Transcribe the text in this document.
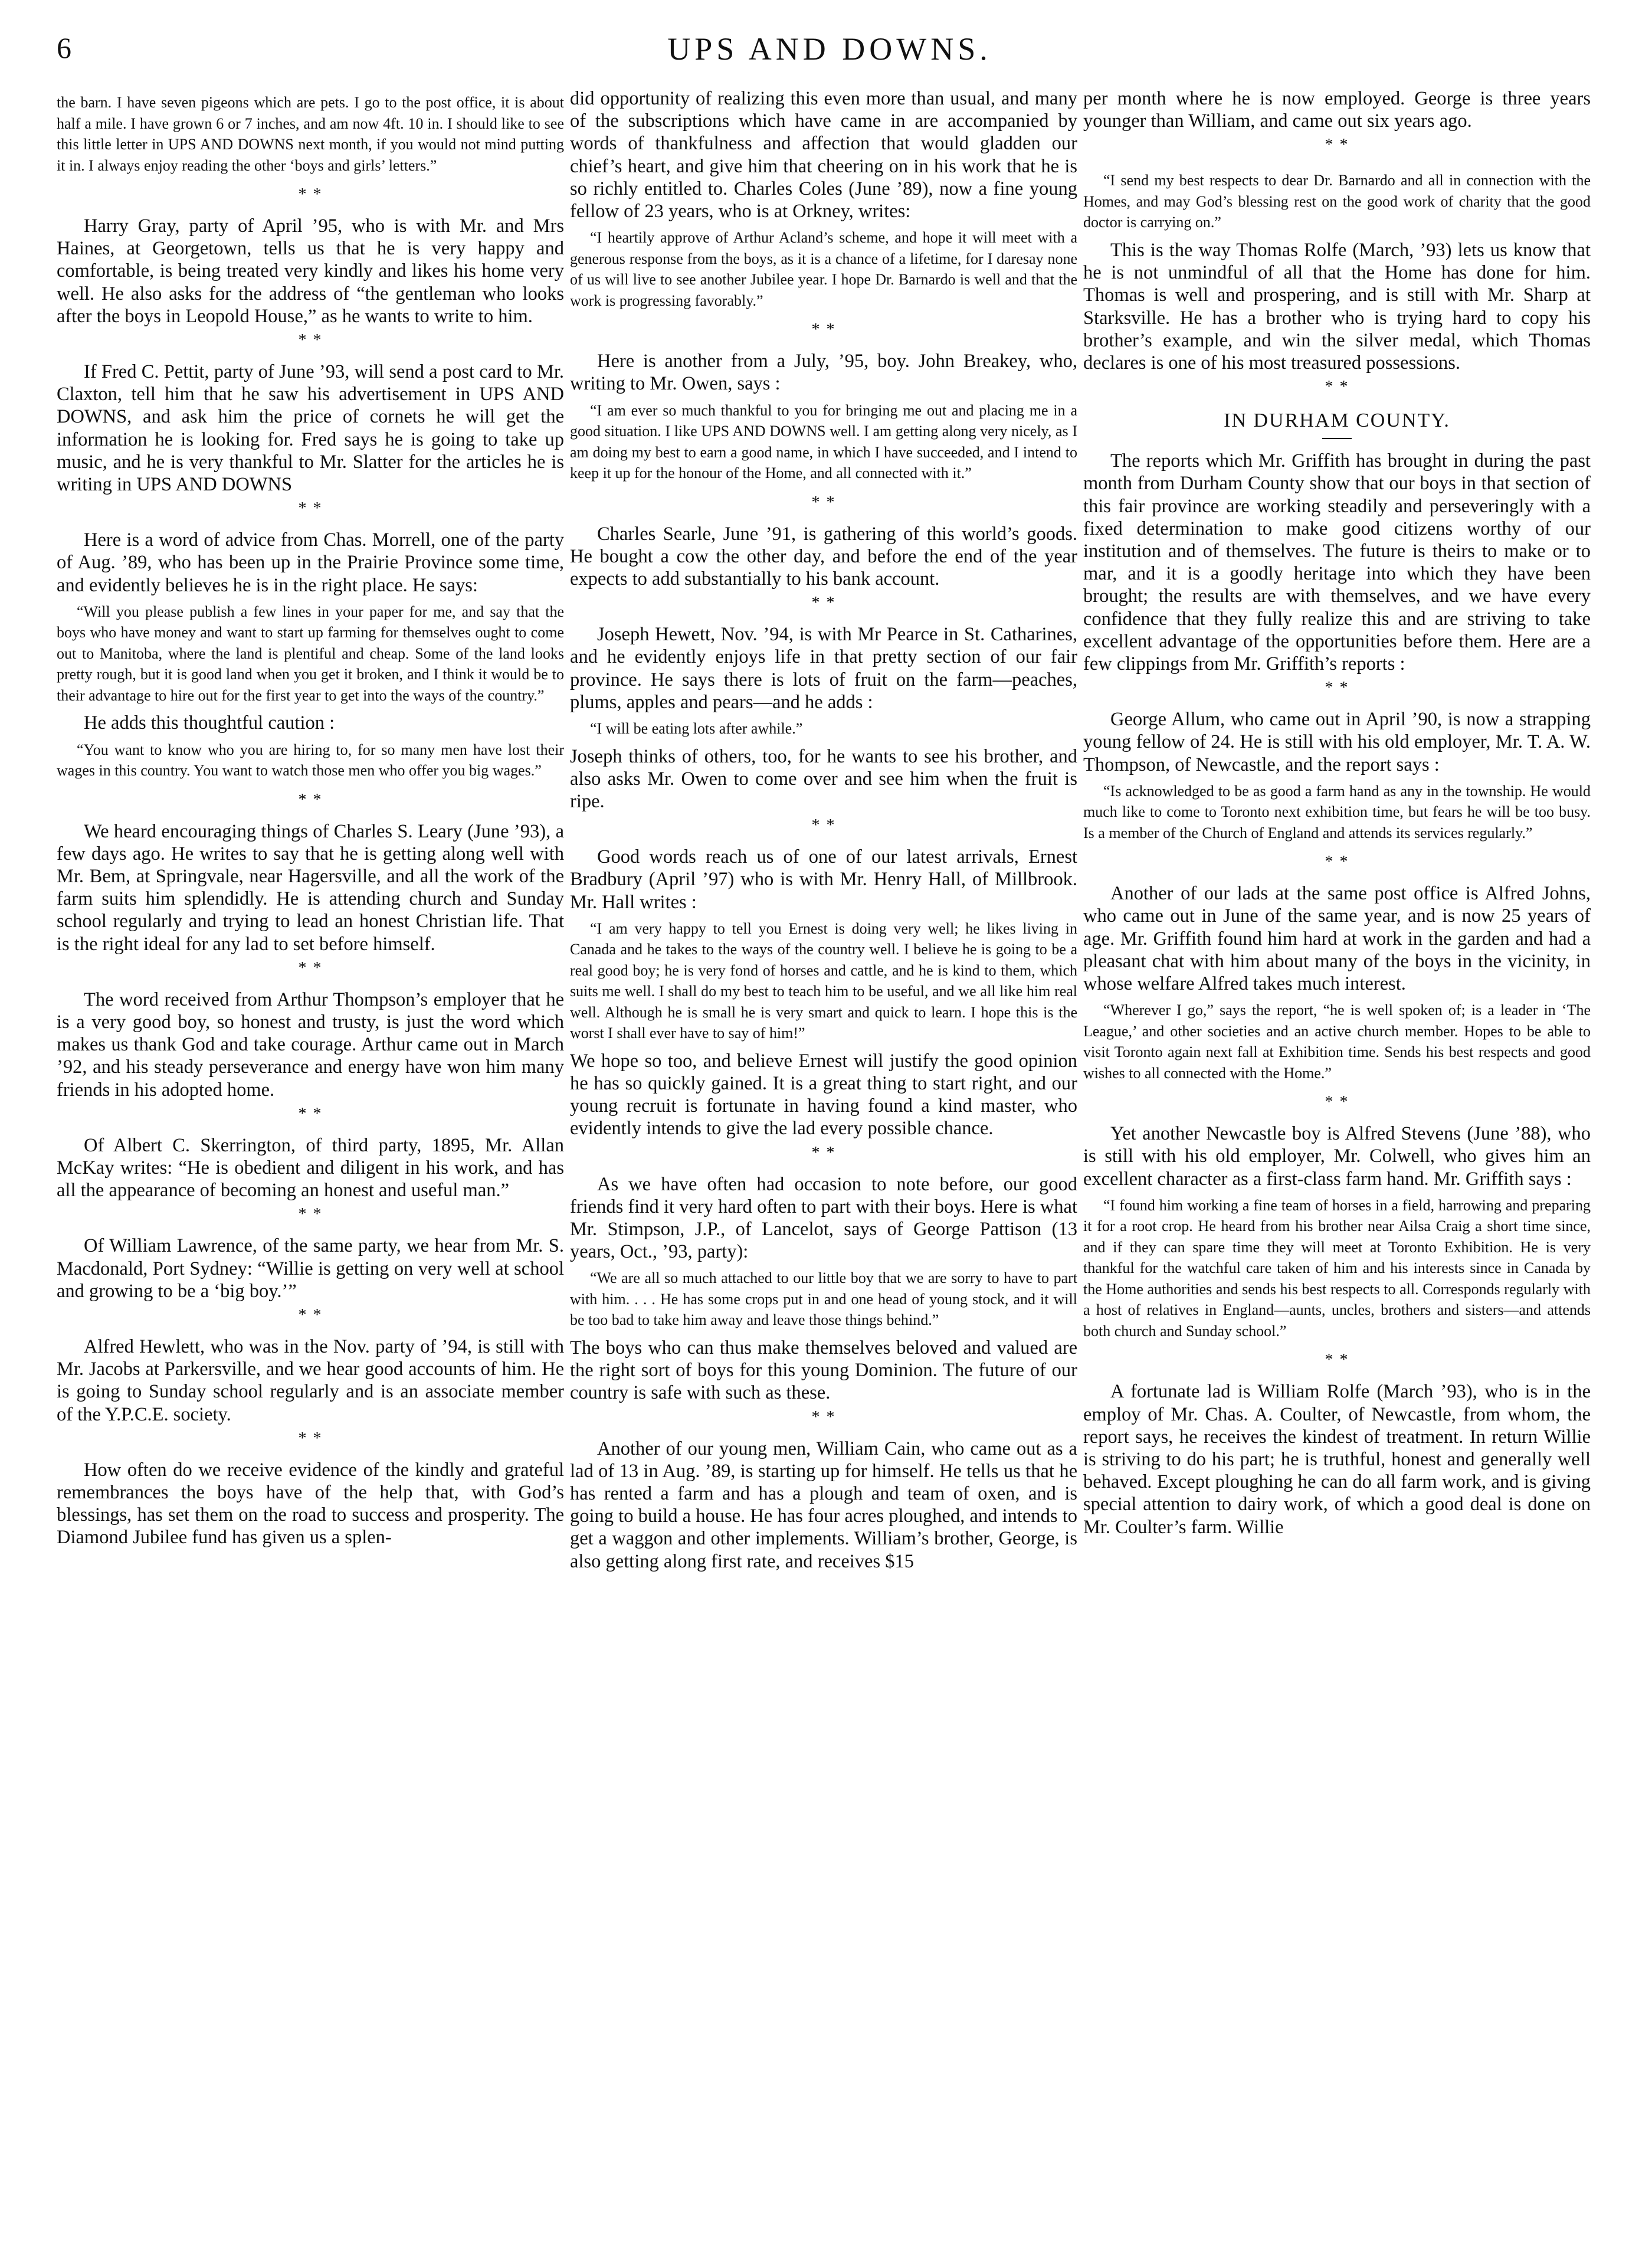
6	UPS AND DOWNS.

the barn. I have seven pigeons which are pets. I go to the post office, it is about half a mile. I have grown 6 or 7 inches, and am now 4ft. 10 in. I should like to see this little letter in UPS AND DOWNS next month, if you would not mind putting it in. I always enjoy reading the other ‘boys and girls’ letters.”

* *

Harry Gray, party of April ’95, who is with Mr. and Mrs Haines, at Georgetown, tells us that he is very happy and comfortable, is being treated very kindly and likes his home very well. He also asks for the address of “the gentleman who looks after the boys in Leopold House,” as he wants to write to him.

* *

If Fred C. Pettit, party of June ’93, will send a post card to Mr. Claxton, tell him that he saw his advertisement in UPS AND DOWNS, and ask him the price of cornets he will get the information he is looking for. Fred says he is going to take up music, and he is very thankful to Mr. Slatter for the articles he is writing in UPS AND DOWNS

* *

Here is a word of advice from Chas. Morrell, one of the party of Aug. ’89, who has been up in the Prairie Province some time, and evidently believes he is in the right place. He says:

“Will you please publish a few lines in your paper for me, and say that the boys who have money and want to start up farming for themselves ought to come out to Manitoba, where the land is plentiful and cheap. Some of the land looks pretty rough, but it is good land when you get it broken, and I think it would be to their advantage to hire out for the first year to get into the ways of the country.”

He adds this thoughtful caution :

“You want to know who you are hiring to, for so many men have lost their wages in this country. You want to watch those men who offer you big wages.”

* *

We heard encouraging things of Charles S. Leary (June ’93), a few days ago. He writes to say that he is getting along well with Mr. Bem, at Springvale, near Hagersville, and all the work of the farm suits him splendidly. He is attending church and Sunday school regularly and trying to lead an honest Christian life. That is the right ideal for any lad to set before himself.

* *

The word received from Arthur Thompson’s employer that he is a very good boy, so honest and trusty, is just the word which makes us thank God and take courage. Arthur came out in March ’92, and his steady perseverance and energy have won him many friends in his adopted home.

* *

Of Albert C. Skerrington, of third party, 1895, Mr. Allan McKay writes: “He is obedient and diligent in his work, and has all the appearance of becoming an honest and useful man.”

* *

Of William Lawrence, of the same party, we hear from Mr. S. Macdonald, Port Sydney: “Willie is getting on very well at school and growing to be a ‘big boy.’”

* *

Alfred Hewlett, who was in the Nov. party of ’94, is still with Mr. Jacobs at Parkersville, and we hear good accounts of him. He is going to Sunday school regularly and is an associate member of the Y.P.C.E. society.

* *

How often do we receive evidence of the kindly and grateful remembrances the boys have of the help that, with God’s blessings, has set them on the road to success and prosperity. The Diamond Jubilee fund has given us a splen-

did opportunity of realizing this even more than usual, and many of the subscriptions which have came in are accompanied by words of thankfulness and affection that would gladden our chief’s heart, and give him that cheering on in his work that he is so richly entitled to. Charles Coles (June ’89), now a fine young fellow of 23 years, who is at Orkney, writes:

“I heartily approve of Arthur Acland’s scheme, and hope it will meet with a generous response from the boys, as it is a chance of a lifetime, for I daresay none of us will live to see another Jubilee year. I hope Dr. Barnardo is well and that the work is progressing favorably.”

* *

Here is another from a July, ’95, boy. John Breakey, who, writing to Mr. Owen, says :

“I am ever so much thankful to you for bringing me out and placing me in a good situation. I like UPS AND DOWNS well. I am getting along very nicely, as I am doing my best to earn a good name, in which I have succeeded, and I intend to keep it up for the honour of the Home, and all connected with it.”

* *

Charles Searle, June ’91, is gathering of this world’s goods. He bought a cow the other day, and before the end of the year expects to add substantially to his bank account.

* *

Joseph Hewett, Nov. ’94, is with Mr Pearce in St. Catharines, and he evidently enjoys life in that pretty section of our fair province. He says there is lots of fruit on the farm—peaches, plums, apples and pears—and he adds :

“I will be eating lots after awhile.”

Joseph thinks of others, too, for he wants to see his brother, and also asks Mr. Owen to come over and see him when the fruit is ripe.

* *

Good words reach us of one of our latest arrivals, Ernest Bradbury (April ’97) who is with Mr. Henry Hall, of Millbrook. Mr. Hall writes :

“I am very happy to tell you Ernest is doing very well; he likes living in Canada and he takes to the ways of the country well. I believe he is going to be a real good boy; he is very fond of horses and cattle, and he is kind to them, which suits me well. I shall do my best to teach him to be useful, and we all like him real well. Although he is small he is very smart and quick to learn. I hope this is the worst I shall ever have to say of him!”

We hope so too, and believe Ernest will justify the good opinion he has so quickly gained. It is a great thing to start right, and our young recruit is fortunate in having found a kind master, who evidently intends to give the lad every possible chance.

* *

As we have often had occasion to note before, our good friends find it very hard often to part with their boys. Here is what Mr. Stimpson, J.P., of Lancelot, says of George Pattison (13 years, Oct., ’93, party):

“We are all so much attached to our little boy that we are sorry to have to part with him. . . . He has some crops put in and one head of young stock, and it will be too bad to take him away and leave those things behind.”

The boys who can thus make themselves beloved and valued are the right sort of boys for this young Dominion. The future of our country is safe with such as these.

* *

Another of our young men, William Cain, who came out as a lad of 13 in Aug. ’89, is starting up for himself. He tells us that he has rented a farm and has a plough and team of oxen, and is going to build a house. He has four acres ploughed, and intends to get a waggon and other implements. William’s brother, George, is also getting along first rate, and receives $15

per month where he is now employed. George is three years younger than William, and came out six years ago.

* *

“I send my best respects to dear Dr. Barnardo and all in connection with the Homes, and may God’s blessing rest on the good work of charity that the good doctor is carrying on.”

This is the way Thomas Rolfe (March, ’93) lets us know that he is not unmindful of all that the Home has done for him. Thomas is well and prospering, and is still with Mr. Sharp at Starksville. He has a brother who is trying hard to copy his brother’s example, and win the silver medal, which Thomas declares is one of his most treasured possessions.

* *
IN DURHAM COUNTY.

The reports which Mr. Griffith has brought in during the past month from Durham County show that our boys in that section of this fair province are working steadily and perseveringly with a fixed determination to make good citizens worthy of our institution and of themselves. The future is theirs to make or to mar, and it is a goodly heritage into which they have been brought; the results are with themselves, and we have every confidence that they fully realize this and are striving to take excellent advantage of the opportunities before them. Here are a few clippings from Mr. Griffith’s reports :

* *

George Allum, who came out in April ’90, is now a strapping young fellow of 24. He is still with his old employer, Mr. T. A. W. Thompson, of Newcastle, and the report says :

“Is acknowledged to be as good a farm hand as any in the township. He would much like to come to Toronto next exhibition time, but fears he will be too busy. Is a member of the Church of England and attends its services regularly.”

* *

Another of our lads at the same post office is Alfred Johns, who came out in June of the same year, and is now 25 years of age. Mr. Griffith found him hard at work in the garden and had a pleasant chat with him about many of the boys in the vicinity, in whose welfare Alfred takes much interest.

“Wherever I go,” says the report, “he is well spoken of; is a leader in ‘The League,’ and other societies and an active church member. Hopes to be able to visit Toronto again next fall at Exhibition time. Sends his best respects and good wishes to all connected with the Home.”

* *

Yet another Newcastle boy is Alfred Stevens (June ’88), who is still with his old employer, Mr. Colwell, who gives him an excellent character as a first-class farm hand. Mr. Griffith says :

“I found him working a fine team of horses in a field, harrowing and preparing it for a root crop. He heard from his brother near Ailsa Craig a short time since, and if they can spare time they will meet at Toronto Exhibition. He is very thankful for the watchful care taken of him and his interests since in Canada by the Home authorities and sends his best respects to all. Corresponds regularly with a host of relatives in England—aunts, uncles, brothers and sisters—and attends both church and Sunday school.”

* *

A fortunate lad is William Rolfe (March ’93), who is in the employ of Mr. Chas. A. Coulter, of Newcastle, from whom, the report says, he receives the kindest of treatment. In return Willie is striving to do his part; he is truthful, honest and generally well behaved. Except ploughing he can do all farm work, and is giving special attention to dairy work, of which a good deal is done on Mr. Coulter’s farm. Willie
